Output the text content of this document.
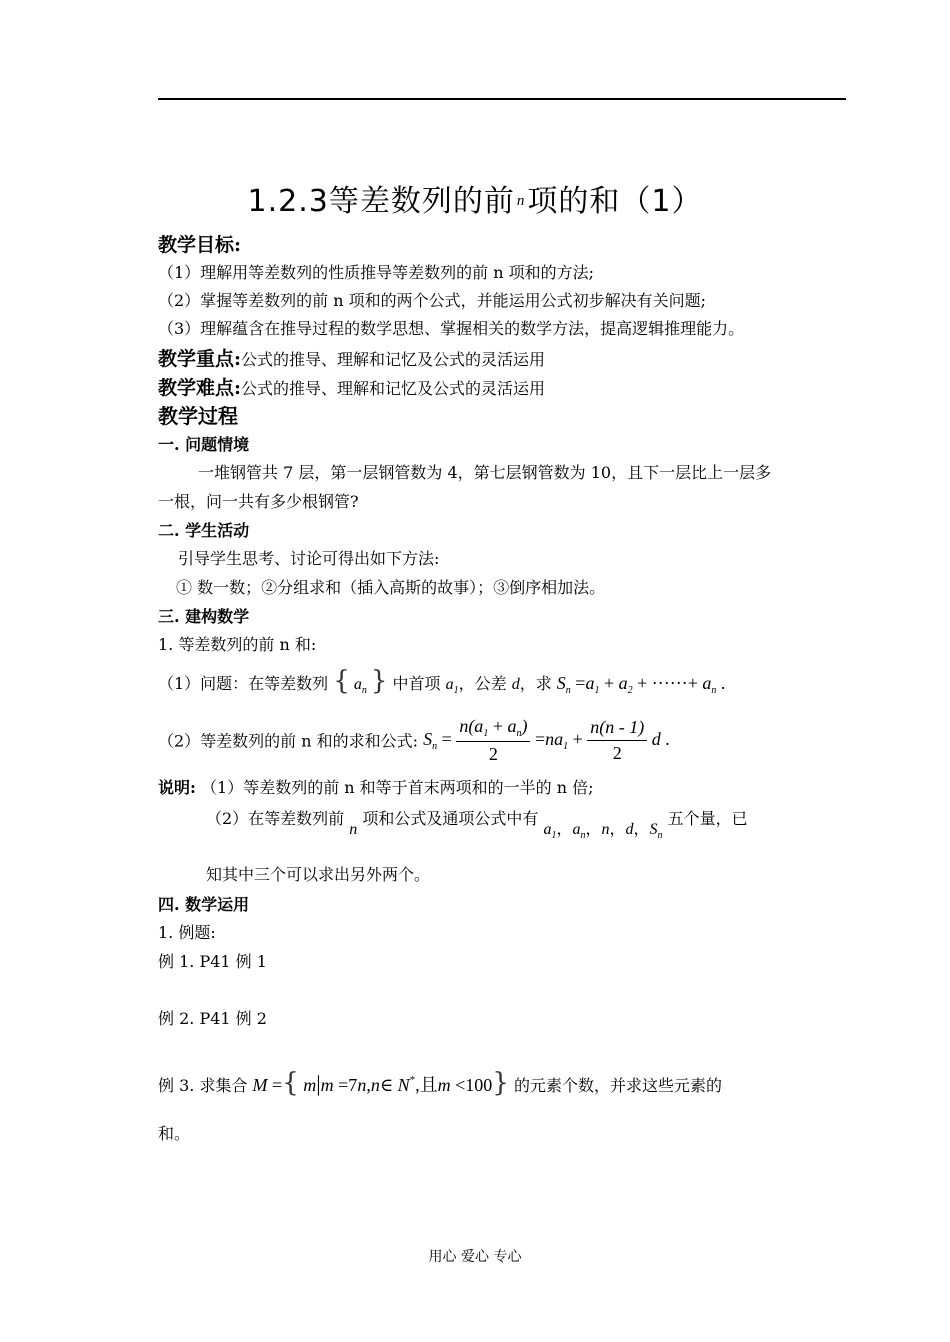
1.2.3等差数列的前 $^n$项的和（1）
教学目标:
（1）理解用等差数列的性质推导等差数列的前 n 项和的方法;
（2）掌握等差数列的前 n 项和的两个公式，并能运用公式初步解决有关问题;
（3）理解蕴含在推导过程的数学思想、掌握相关的数学方法，提高逻辑推理能力。
教学重点:公式的推导、理解和记忆及公式的灵活运用
教学难点:公式的推导、理解和记忆及公式的灵活运用
教学过程
一. 问题情境
一堆钢管共 7 层，第一层钢管数为 4，第七层钢管数为 10，且下一层比上一层多
一根，问一共有多少根钢管?
二. 学生活动
引导学生思考、讨论可得出如下方法:
① 数一数；②分组求和（插入高斯的故事）；③倒序相加法。
三. 建构数学
1. 等差数列的前 n 和:
（1）问题：在等差数列 { $a_n$ } 中首项 $a_1$，公差 d，求 $S_n =a_1 + a_2$ + ······+ $a_n$ .
（2）等差数列的前 n 和的求和公式: $S_n = \frac{n(a_1 + a_n)}{2} =na_1 + \frac{n(n - 1)}{2}$ d .
说明: （1）等差数列的前 n 和等于首末两项和的一半的 n 倍;
（2）在等差数列前 n 项和公式及通项公式中有 $a_1$，$a_n$，n，d，$S_n$ 五个量，已
知其中三个可以求出另外两个。
四. 数学运用
1. 例题:
例 1. P41 例 1
例 2. P41 例 2
例 3. 求集合 M ={ m|m =7n,n∈ N*,且m <100} 的元素个数，并求这些元素的
和。
用心 爱心 专心
